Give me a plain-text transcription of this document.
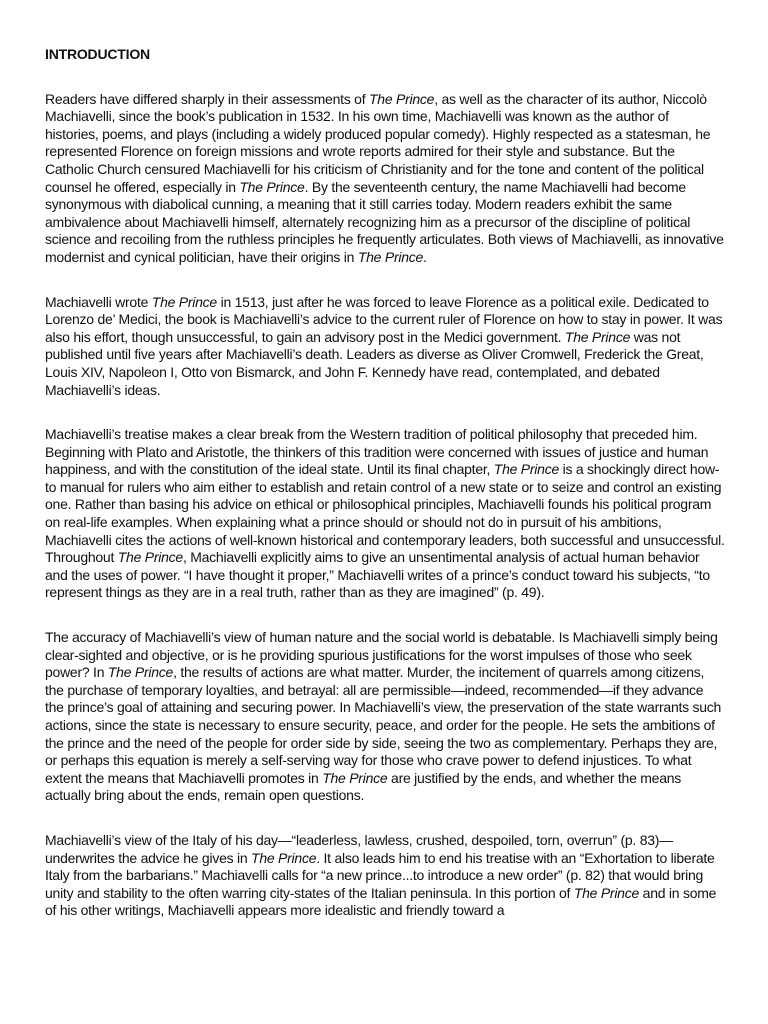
INTRODUCTION

Readers have differed sharply in their assessments of The Prince, as well as the character of its author, Niccolò Machiavelli, since the book’s publication in 1532. In his own time, Machiavelli was known as the author of histories, poems, and plays (including a widely produced popular comedy). Highly respected as a statesman, he represented Florence on foreign missions and wrote reports admired for their style and substance. But the Catholic Church censured Machiavelli for his criticism of Christianity and for the tone and content of the political counsel he offered, especially in The Prince. By the seventeenth century, the name Machiavelli had become synonymous with diabolical cunning, a meaning that it still carries today. Modern readers exhibit the same ambivalence about Machiavelli himself, alternately recognizing him as a precursor of the discipline of political science and recoiling from the ruthless principles he frequently articulates. Both views of Machiavelli, as innovative modernist and cynical politician, have their origins in The Prince.

Machiavelli wrote The Prince in 1513, just after he was forced to leave Florence as a political exile. Dedicated to Lorenzo de’ Medici, the book is Machiavelli’s advice to the current ruler of Florence on how to stay in power. It was also his effort, though unsuccessful, to gain an advisory post in the Medici government. The Prince was not published until five years after Machiavelli’s death. Leaders as diverse as Oliver Cromwell, Frederick the Great, Louis XIV, Napoleon I, Otto von Bismarck, and John F. Kennedy have read, contemplated, and debated Machiavelli’s ideas.

Machiavelli’s treatise makes a clear break from the Western tradition of political philosophy that preceded him. Beginning with Plato and Aristotle, the thinkers of this tradition were concerned with issues of justice and human happiness, and with the constitution of the ideal state. Until its final chapter, The Prince is a shockingly direct how-to manual for rulers who aim either to establish and retain control of a new state or to seize and control an existing one. Rather than basing his advice on ethical or philosophical principles, Machiavelli founds his political program on real-life examples. When explaining what a prince should or should not do in pursuit of his ambitions, Machiavelli cites the actions of well-known historical and contemporary leaders, both successful and unsuccessful. Throughout The Prince, Machiavelli explicitly aims to give an unsentimental analysis of actual human behavior and the uses of power. “I have thought it proper,” Machiavelli writes of a prince’s conduct toward his subjects, “to represent things as they are in a real truth, rather than as they are imagined” (p. 49).

The accuracy of Machiavelli’s view of human nature and the social world is debatable. Is Machiavelli simply being clear-sighted and objective, or is he providing spurious justifications for the worst impulses of those who seek power? In The Prince, the results of actions are what matter. Murder, the incitement of quarrels among citizens, the purchase of temporary loyalties, and betrayal: all are permissible—indeed, recommended—if they advance the prince’s goal of attaining and securing power. In Machiavelli’s view, the preservation of the state warrants such actions, since the state is necessary to ensure security, peace, and order for the people. He sets the ambitions of the prince and the need of the people for order side by side, seeing the two as complementary. Perhaps they are, or perhaps this equation is merely a self-serving way for those who crave power to defend injustices. To what extent the means that Machiavelli promotes in The Prince are justified by the ends, and whether the means actually bring about the ends, remain open questions.

Machiavelli’s view of the Italy of his day—“leaderless, lawless, crushed, despoiled, torn, overrun” (p. 83)—underwrites the advice he gives in The Prince. It also leads him to end his treatise with an “Exhortation to liberate Italy from the barbarians.” Machiavelli calls for “a new prince...to introduce a new order” (p. 82) that would bring unity and stability to the often warring city-states of the Italian peninsula. In this portion of The Prince and in some of his other writings, Machiavelli appears more idealistic and friendly toward a
